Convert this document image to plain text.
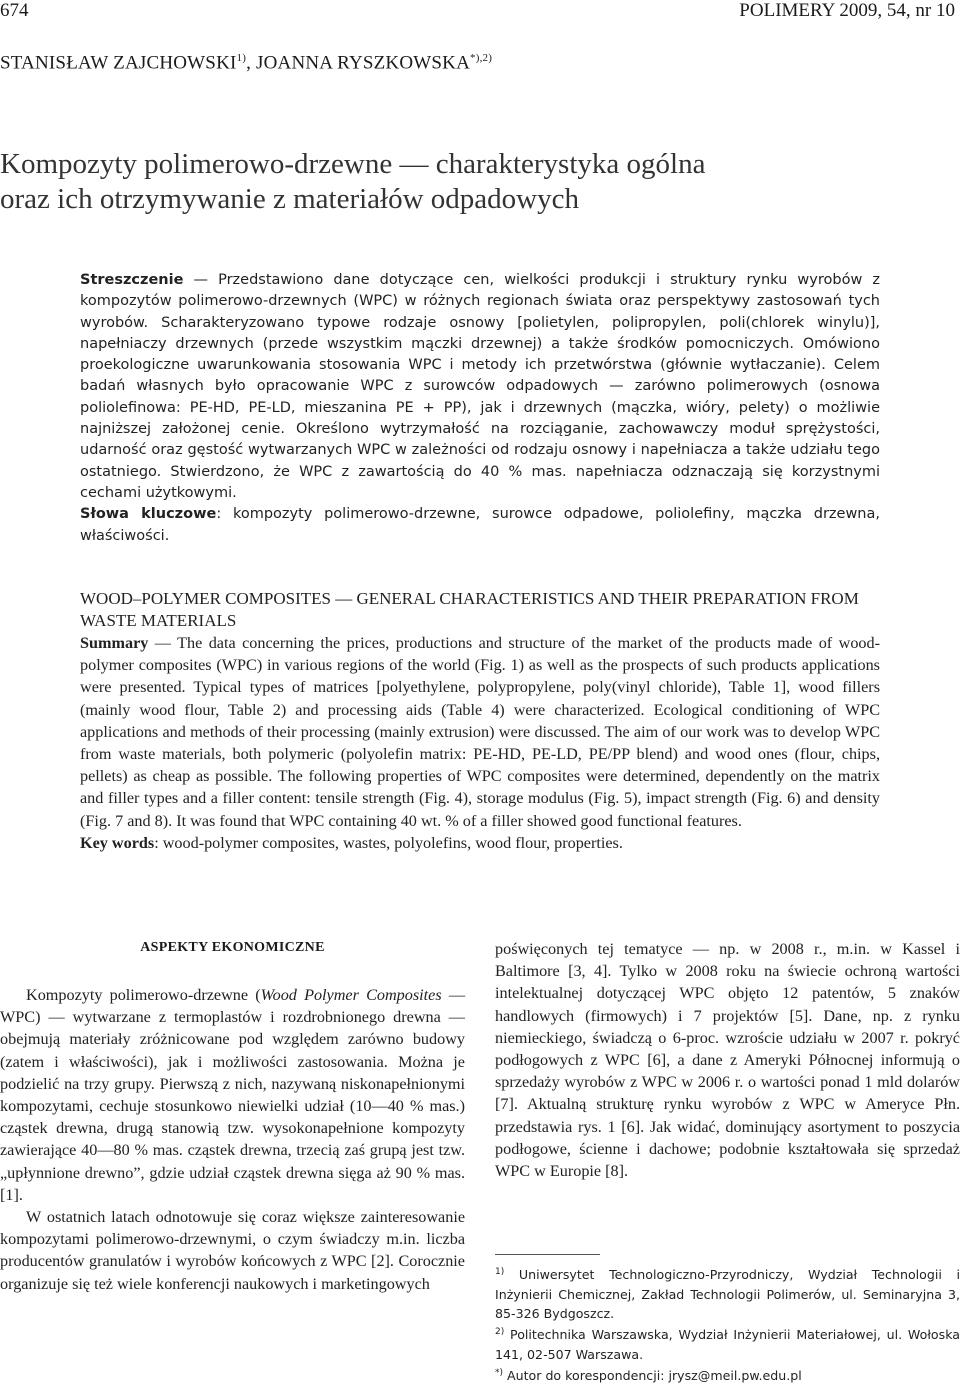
674	POLIMERY 2009, 54, nr 10
STANISŁAW ZAJCHOWSKI$^{1)}$, JOANNA $RYSZKOWSKA^{*),2)}$
Kompozyty polimerowo-drzewne — charakterystyka ogólna
oraz ich otrzymywanie z materiałów odpadowych

Streszczenie — Przedstawiono dane dotyczące cen, wielkości produkcji i struktury rynku wyrobów z kompozytów polimerowo-drzewnych (WPC) w różnych regionach świata oraz perspektywy zastosowań tych wyrobów. Scharakteryzowano typowe rodzaje osnowy [polietylen, polipropylen, poli(chlorek winylu)], napełniaczy drzewnych (przede wszystkim mączki drzewnej) a także środków pomocniczych. Omówiono proekologiczne uwarunkowania stosowania WPC i metody ich przetwórstwa (głównie wytłaczanie). Celem badań własnych było opracowanie WPC z surowców odpadowych — zarówno polimerowych (osnowa poliolefinowa: PE-HD, PE-LD, mieszanina PE + PP), jak i drzewnych (mączka, wióry, pelety) o możliwie najniższej założonej cenie. Określono wytrzymałość na rozciąganie, zachowawczy moduł sprężystości, udarność oraz gęstość wytwarzanych WPC w zależności od rodzaju osnowy i napełniacza a także udziału tego ostatniego. Stwierdzono, że WPC z zawartością do 40 % mas. napełniacza odznaczają się korzystnymi cechami użytkowymi.

Słowa kluczowe: kompozyty polimerowo-drzewne, surowce odpadowe, poliolefiny, mączka drzewna, właściwości.

WOOD–POLYMER COMPOSITES — GENERAL CHARACTERISTICS AND THEIR PREPARATION FROM WASTE MATERIALS

Summary — The data concerning the prices, productions and structure of the market of the products made of wood-polymer composites (WPC) in various regions of the world (Fig. 1) as well as the prospects of such products applications were presented. Typical types of matrices [polyethylene, polypropylene, poly(vinyl chloride), Table 1], wood fillers (mainly wood flour, Table 2) and processing aids (Table 4) were characterized. Ecological conditioning of WPC applications and methods of their processing (mainly extrusion) were discussed. The aim of our work was to develop WPC from waste materials, both polymeric (polyolefin matrix: PE-HD, PE-LD, PE/PP blend) and wood ones (flour, chips, pellets) as cheap as possible. The following properties of WPC composites were determined, dependently on the matrix and filler types and a filler content: tensile strength (Fig. 4), storage modulus (Fig. 5), impact strength (Fig. 6) and density (Fig. 7 and 8). It was found that WPC containing 40 wt. % of a filler showed good functional features.

Key words: wood-polymer composites, wastes, polyolefins, wood flour, properties.

ASPEKTY EKONOMICZNE

Kompozyty polimerowo-drzewne (Wood Polymer Composites — WPC) — wytwarzane z termoplastów i rozdrobnionego drewna — obejmują materiały zróżnicowane pod względem zarówno budowy (zatem i właściwości), jak i możliwości zastosowania. Można je podzielić na trzy grupy. Pierwszą z nich, nazywaną niskonapełnionymi kompozytami, cechuje stosunkowo niewielki udział (10—40 % mas.) cząstek drewna, drugą stanowią tzw. wysokonapełnione kompozyty zawierające 40—80 % mas. cząstek drewna, trzecią zaś grupą jest tzw. „upłynnione drewno”, gdzie udział cząstek drewna sięga aż 90 % mas. [1].

W ostatnich latach odnotowuje się coraz większe zainteresowanie kompozytami polimerowo-drzewnymi, o czym świadczy m.in. liczba producentów granulatów i wyrobów końcowych z WPC [2]. Corocznie organizuje się też wiele konferencji naukowych i marketingowych

poświęconych tej tematyce — np. w 2008 r., m.in. w Kassel i Baltimore [3, 4]. Tylko w 2008 roku na świecie ochroną wartości intelektualnej dotyczącej WPC objęto 12 patentów, 5 znaków handlowych (firmowych) i 7 projektów [5]. Dane, np. z rynku niemieckiego, świadczą o 6-proc. wzroście udziału w 2007 r. pokryć podłogowych z WPC [6], a dane z Ameryki Północnej informują o sprzedaży wyrobów z WPC w 2006 r. o wartości ponad 1 mld dolarów [7]. Aktualną strukturę rynku wyrobów z WPC w Ameryce Płn. przedstawia rys. 1 [6]. Jak widać, dominujący asortyment to poszycia podłogowe, ścienne i dachowe; podobnie kształtowała się sprzedaż WPC w Europie [8].

$^{1)}$ Uniwersytet Technologiczno-Przyrodniczy, Wydział Technologii i Inżynierii Chemicznej, Zakład Technologii Polimerów, ul. Seminaryjna 3, 85-326 Bydgoszcz.

$^{2)}$ Politechnika Warszawska, Wydział Inżynierii Materiałowej, ul. Wołoska 141, 02-507 Warszawa.

*) Autor do korespondencji: jrysz@meil.pw.edu.pl
